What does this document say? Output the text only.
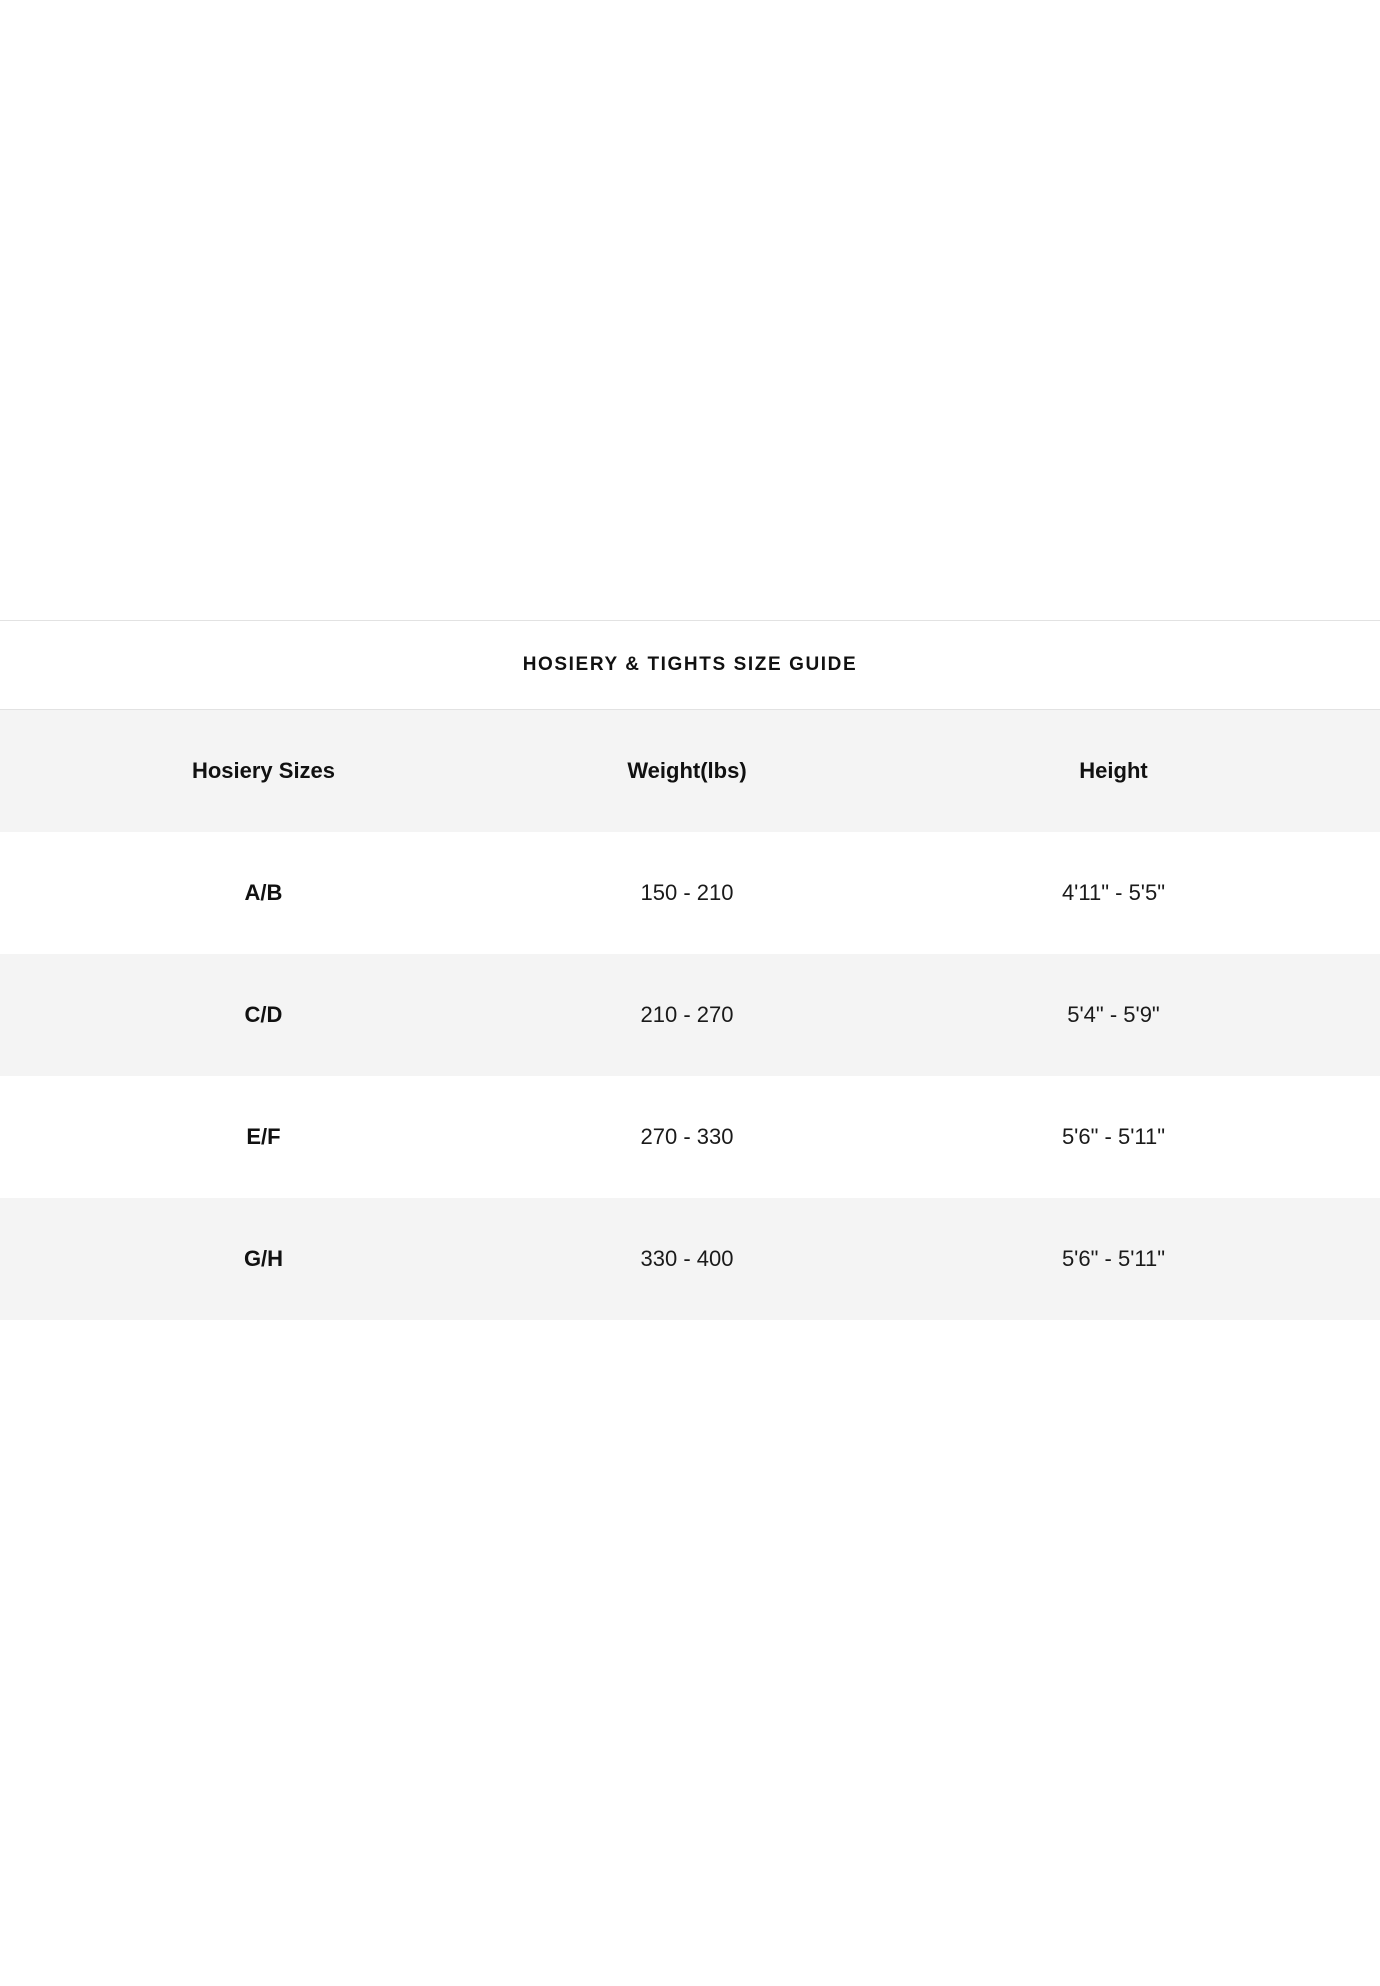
HOSIERY & TIGHTS SIZE GUIDE
Hosiery Sizes	Weight(lbs)	Height
A/B	150 - 210	4'11" - 5'5"
C/D	210 - 270	5'4" - 5'9"
E/F	270 - 330	5'6" - 5'11"
G/H	330 - 400	5'6" - 5'11"
